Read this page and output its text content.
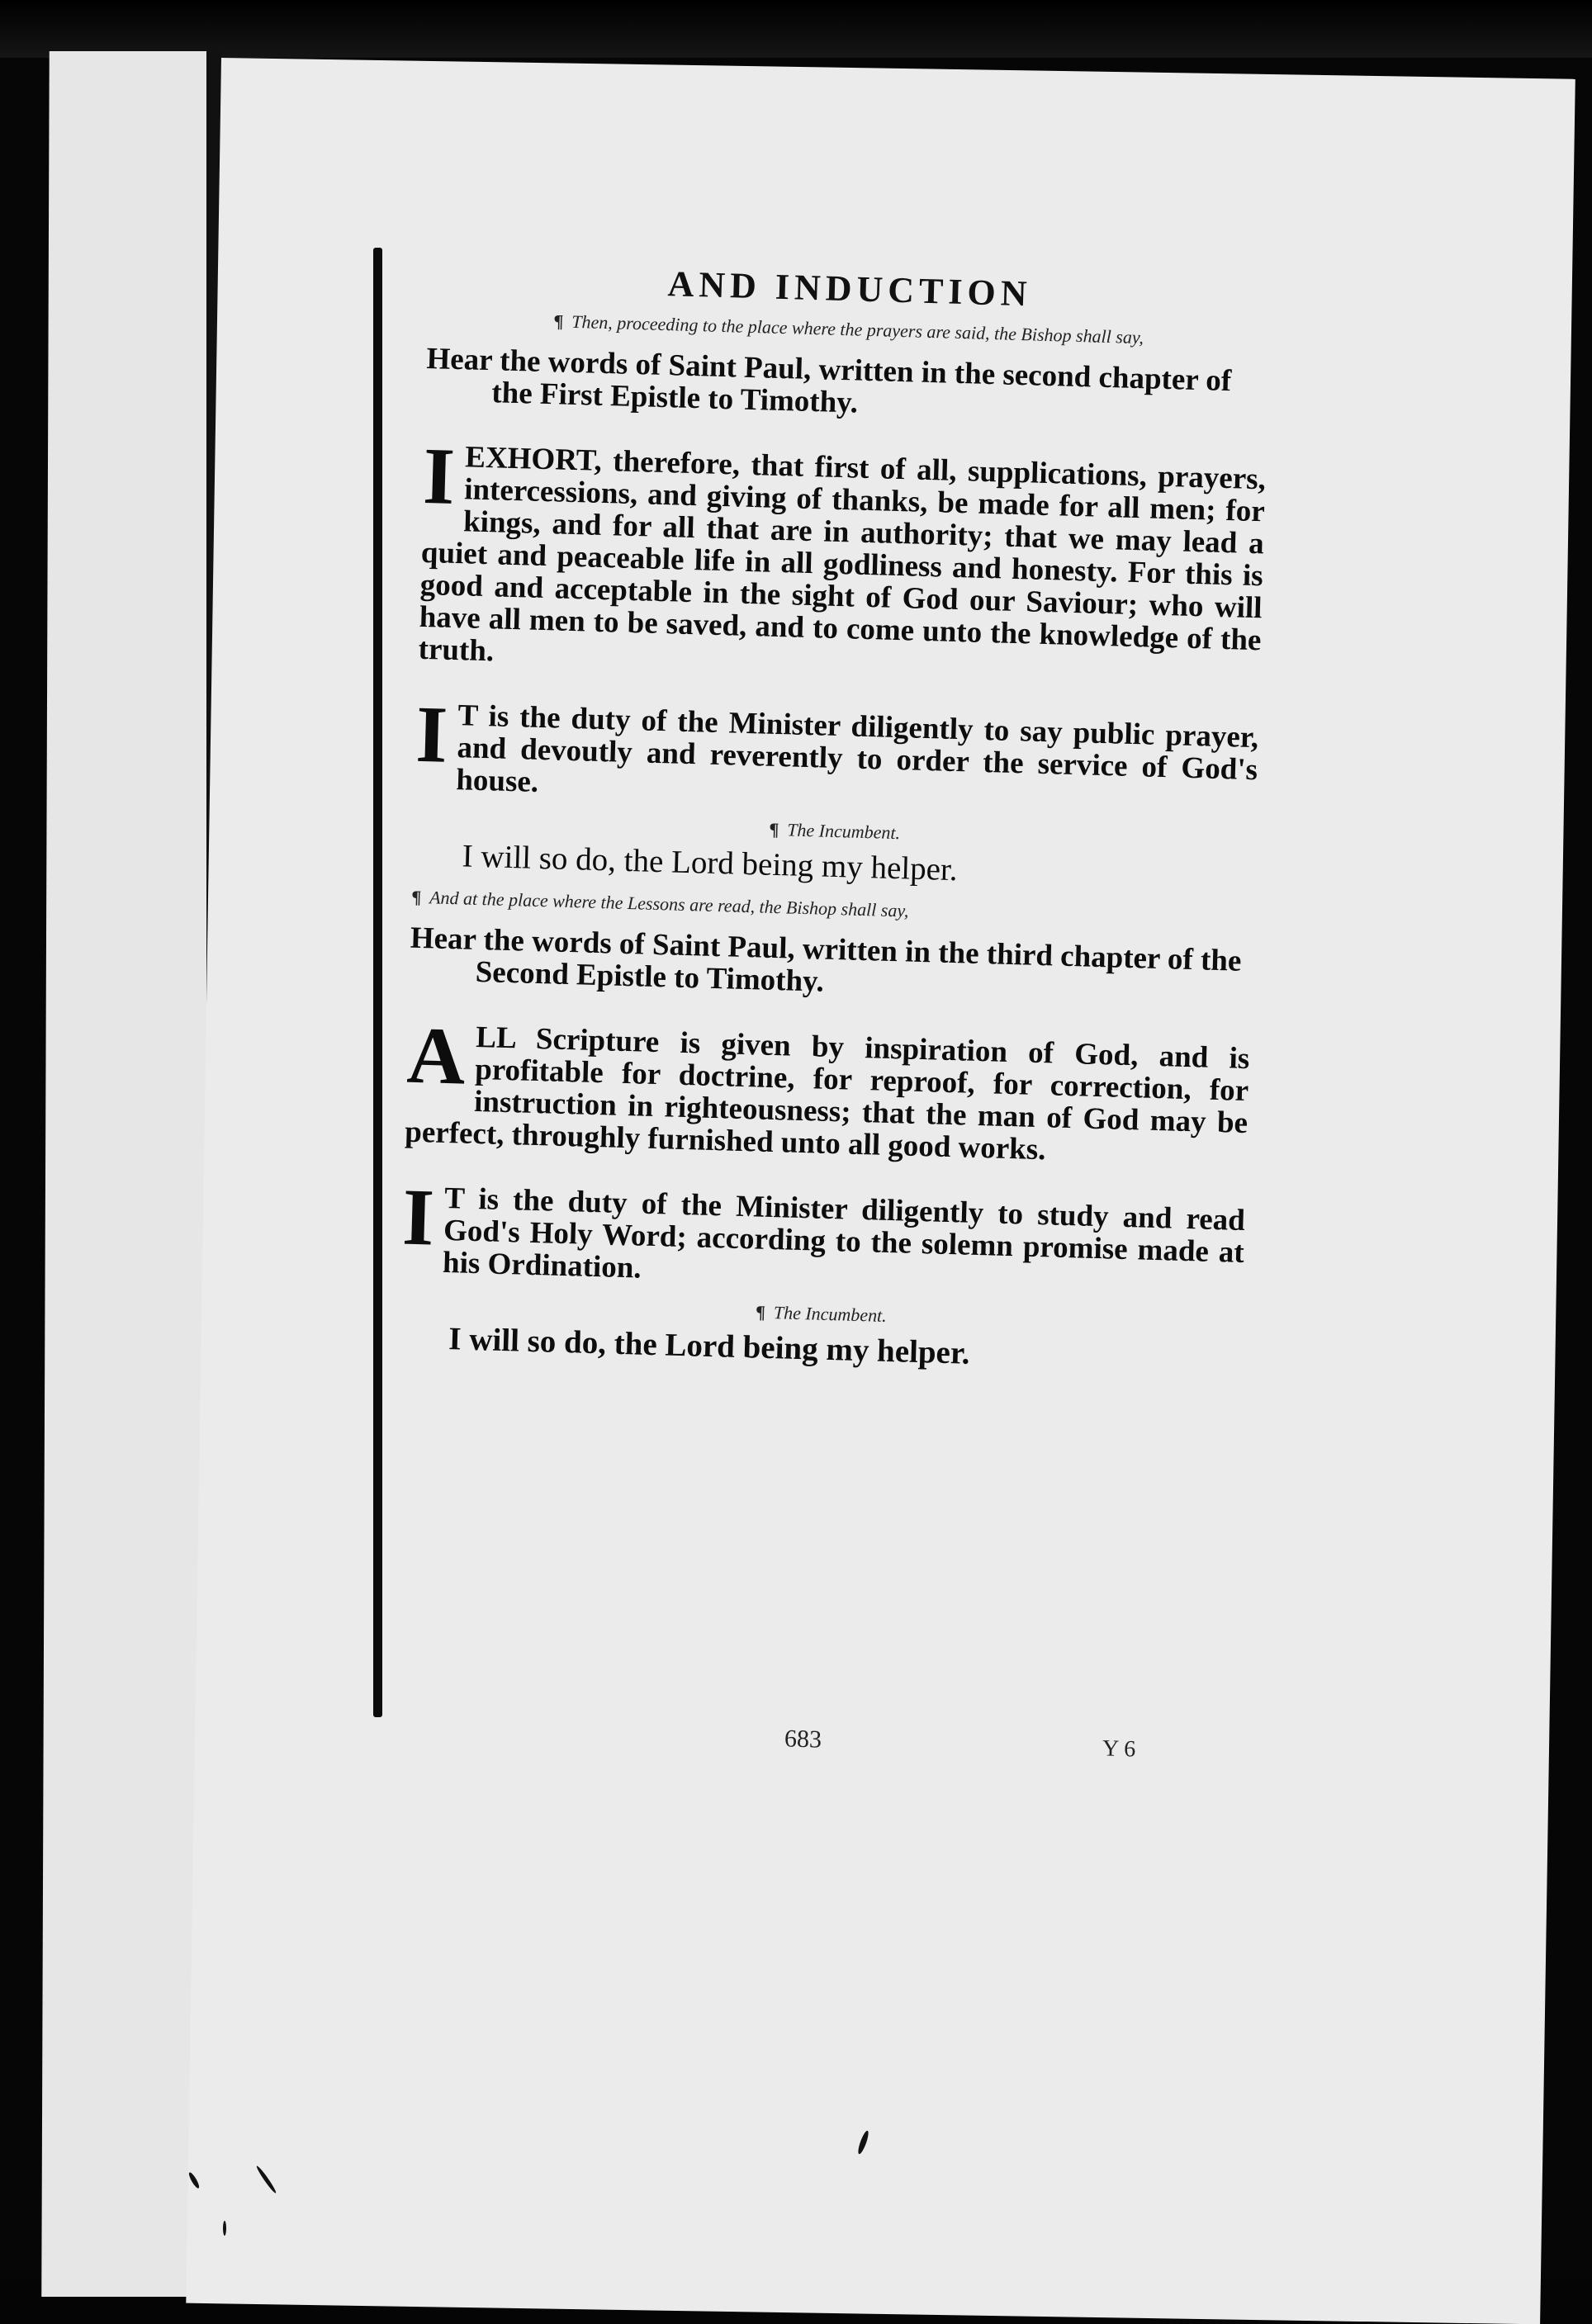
AND INDUCTION
¶ Then, proceeding to the place where the prayers are said, the Bishop shall say,
Hear the words of Saint Paul, written in the second chapter of the First Epistle to Timothy.
IEXHORT, therefore, that first of all, supplications, prayers, intercessions, and giving of thanks, be made for all men; for kings, and for all that are in authority; that we may lead a quiet and peaceable life in all godliness and honesty. For this is good and acceptable in the sight of God our Saviour; who will have all men to be saved, and to come unto the knowledge of the truth.
I T is the duty of the Minister diligently to say public prayer, and devoutly and reverently to order the service of God's house.
¶ The Incumbent.
I will so do, the Lord being my helper.
¶ And at the place where the Lessons are read, the Bishop shall say,
Hear the words of Saint Paul, written in the third chapter of the Second Epistle to Timothy.
ALL Scripture is given by inspiration of God, and is profitable for doctrine, for reproof, for correction, for instruction in righteousness; that the man of God may be perfect, throughly furnished unto all good works.
I T is the duty of the Minister diligently to study and read God's Holy Word; according to the solemn promise made at his Ordination.
¶ The Incumbent.
I will so do, the Lord being my helper.
683	Y 6
